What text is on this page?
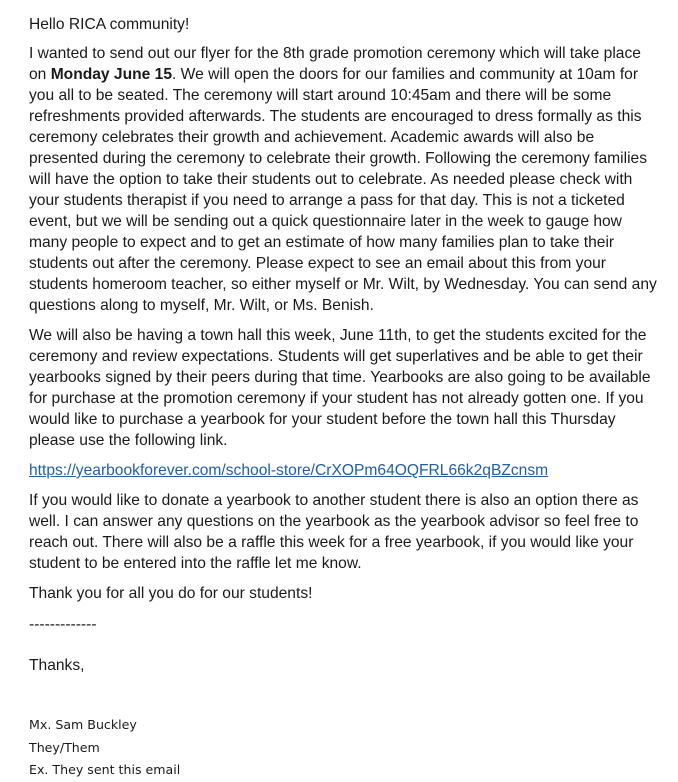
Hello RICA community!

I wanted to send out our flyer for the 8th grade promotion ceremony which will take place on Monday June 15. We will open the doors for our families and community at 10am for you all to be seated. The ceremony will start around 10:45am and there will be some refreshments provided afterwards. The students are encouraged to dress formally as this ceremony celebrates their growth and achievement. Academic awards will also be presented during the ceremony to celebrate their growth. Following the ceremony families will have the option to take their students out to celebrate. As needed please check with your students therapist if you need to arrange a pass for that day. This is not a ticketed event, but we will be sending out a quick questionnaire later in the week to gauge how many people to expect and to get an estimate of how many families plan to take their students out after the ceremony. Please expect to see an email about this from your students homeroom teacher, so either myself or Mr. Wilt, by Wednesday. You can send any questions along to myself, Mr. Wilt, or Ms. Benish.

We will also be having a town hall this week, June 11th, to get the students excited for the ceremony and review expectations. Students will get superlatives and be able to get their yearbooks signed by their peers during that time. Yearbooks are also going to be available for purchase at the promotion ceremony if your student has not already gotten one. If you would like to purchase a yearbook for your student before the town hall this Thursday please use the following link.

https://yearbookforever.com/school-store/CrXOPm64OQFRL66k2qBZcnsm

If you would like to donate a yearbook to another student there is also an option there as well. I can answer any questions on the yearbook as the yearbook advisor so feel free to reach out. There will also be a raffle this week for a free yearbook, if you would like your student to be entered into the raffle let me know.

Thank you for all you do for our students!

-------------

Thanks,

Mx. Sam Buckley
They/Them
Ex. They sent this email
